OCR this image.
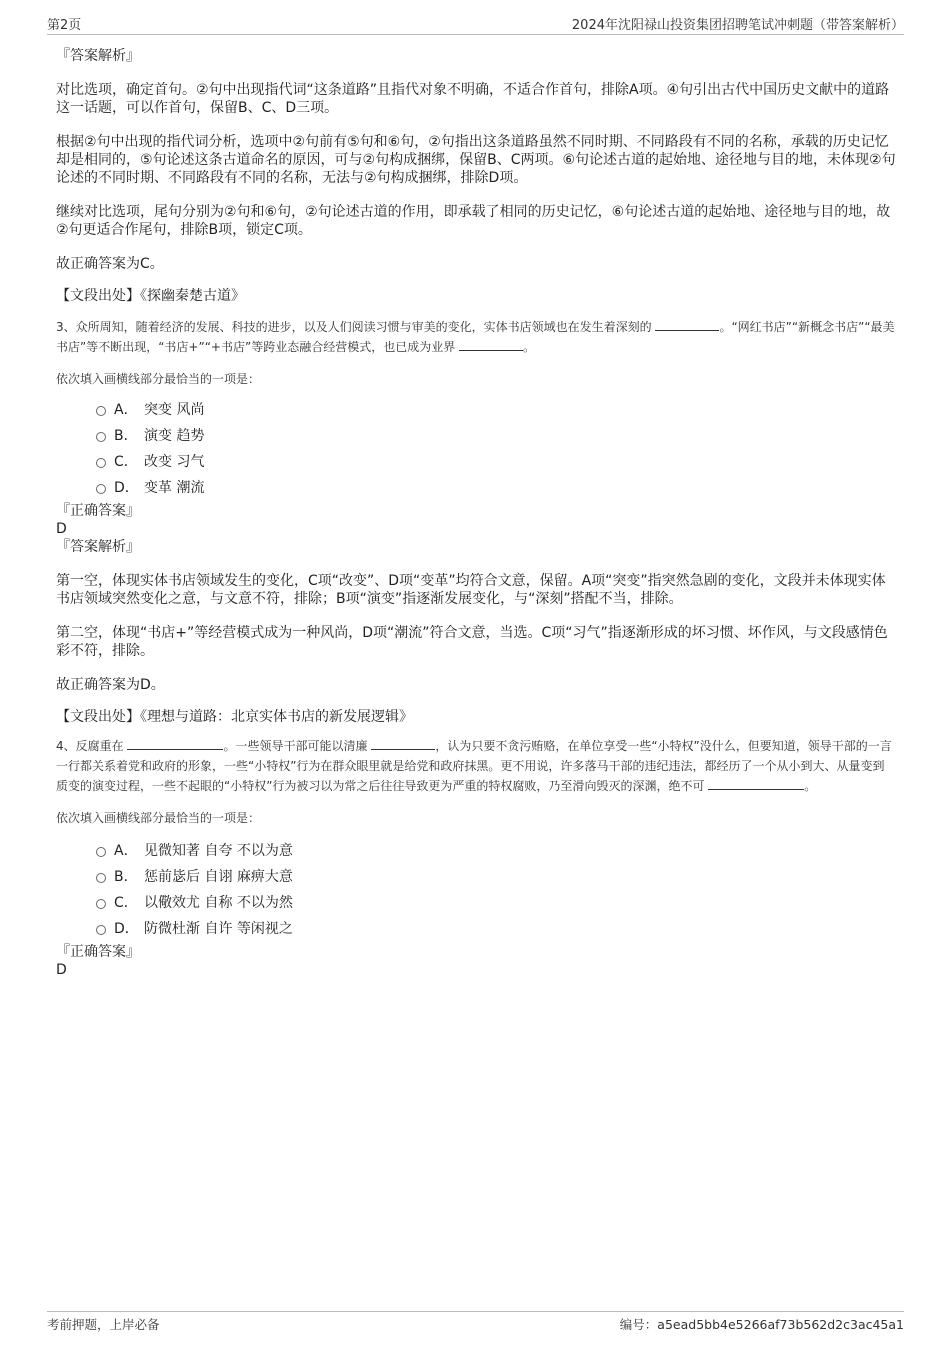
第2页	2024年沈阳禄山投资集团招聘笔试冲刺题（带答案解析）

『答案解析』

对比选项，确定首句。②句中出现指代词“这条道路”且指代对象不明确，不适合作首句，排除A项。④句引出古代中国历史文献中的道路这一话题，可以作首句，保留B、C、D三项。

根据②句中出现的指代词分析，选项中②句前有⑤句和⑥句，②句指出这条道路虽然不同时期、不同路段有不同的名称，承载的历史记忆却是相同的，⑤句论述这条古道命名的原因，可与②句构成捆绑，保留B、C两项。⑥句论述古道的起始地、途径地与目的地，未体现②句论述的不同时期、不同路段有不同的名称，无法与②句构成捆绑，排除D项。

继续对比选项，尾句分别为②句和⑥句，②句论述古道的作用，即承载了相同的历史记忆，⑥句论述古道的起始地、途径地与目的地，故②句更适合作尾句，排除B项，锁定C项。

故正确答案为C。

【文段出处】《探幽秦楚古道》

3、众所周知，随着经济的发展、科技的进步，以及人们阅读习惯与审美的变化，实体书店领域也在发生着深刻的	。“网红书店”“新概念书店”“最美书店”等不断出现，“书店+”“+书店”等跨业态融合经营模式，也已成为业界	。

依次填入画横线部分最恰当的一项是：

A． 突变 风尚
B． 演变 趋势
C． 改变 习气
D． 变革 潮流

『正确答案』

D

『答案解析』

第一空，体现实体书店领域发生的变化，C项“改变”、D项“变革”均符合文意，保留。A项“突变”指突然急剧的变化，文段并未体现实体书店领域突然变化之意，与文意不符，排除；B项“演变”指逐渐发展变化，与“深刻”搭配不当，排除。

第二空，体现“书店+”等经营模式成为一种风尚，D项“潮流”符合文意，当选。C项“习气”指逐渐形成的坏习惯、坏作风，与文段感情色彩不符，排除。

故正确答案为D。

【文段出处】《理想与道路：北京实体书店的新发展逻辑》

4、反腐重在	。一些领导干部可能以清廉	，认为只要不贪污贿赂，在单位享受一些“小特权”没什么，但要知道，领导干部的一言一行都关系着党和政府的形象，一些“小特权”行为在群众眼里就是给党和政府抹黑。更不用说，许多落马干部的违纪违法，都经历了一个从小到大、从量变到质变的演变过程，一些不起眼的“小特权”行为被习以为常之后往往导致更为严重的特权腐败，乃至滑向毁灭的深渊，绝不可	。

依次填入画横线部分最恰当的一项是：

A． 见微知著 自夸 不以为意
B． 惩前毖后 自诩 麻痹大意
C． 以儆效尤 自称 不以为然
D． 防微杜渐 自许 等闲视之

『正确答案』

D

考前押题，上岸必备	编号：a5ead5bb4e5266af73b562d2c3ac45a1
